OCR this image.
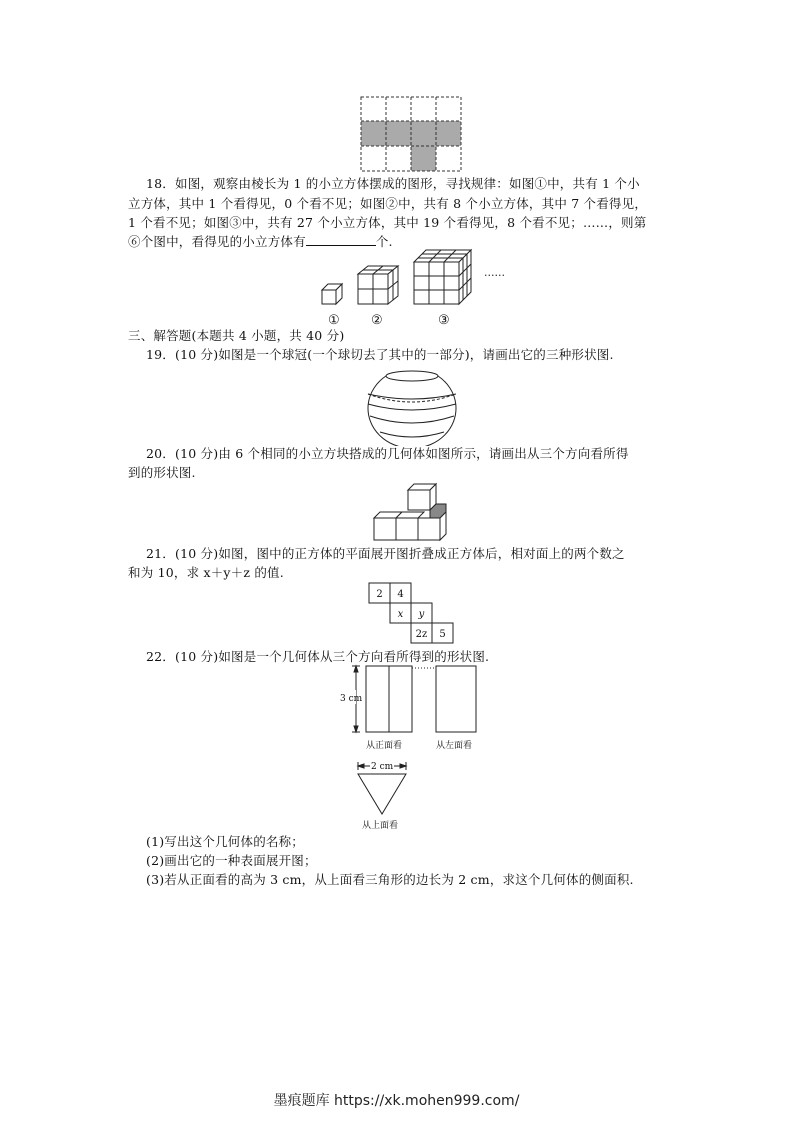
18．如图，观察由棱长为 1 的小立方体摆成的图形，寻找规律：如图①中，共有 1 个小
立方体，其中 1 个看得见，0 个看不见；如图②中，共有 8 个小立方体，其中 7 个看得见，
1 个看不见；如图③中，共有 27 个小立方体，其中 19 个看得见，8 个看不见；……，则第
⑥个图中，看得见的小立方体有	个.
......
① ②	③
三、解答题(本题共 4 小题，共 40 分)
19．(10 分)如图是一个球冠(一个球切去了其中的一部分)，请画出它的三种形状图.
20．(10 分)由 6 个相同的小立方块搭成的几何体如图所示，请画出从三个方向看所得
到的形状图.
21．(10 分)如图，图中的正方体的平面展开图折叠成正方体后，相对面上的两个数之
和为 10，求 x＋y＋z 的值.
2 4
x y
2z 5
22．(10 分)如图是一个几何体从三个方向看所得到的形状图.
3 cm
从正面看	从左面看
2 cm
从上面看
(1)写出这个几何体的名称；
(2)画出它的一种表面展开图；
(3)若从正面看的高为 3 cm，从上面看三角形的边长为 2 cm，求这个几何体的侧面积.
墨痕题库 https://xk.mohen999.com/
